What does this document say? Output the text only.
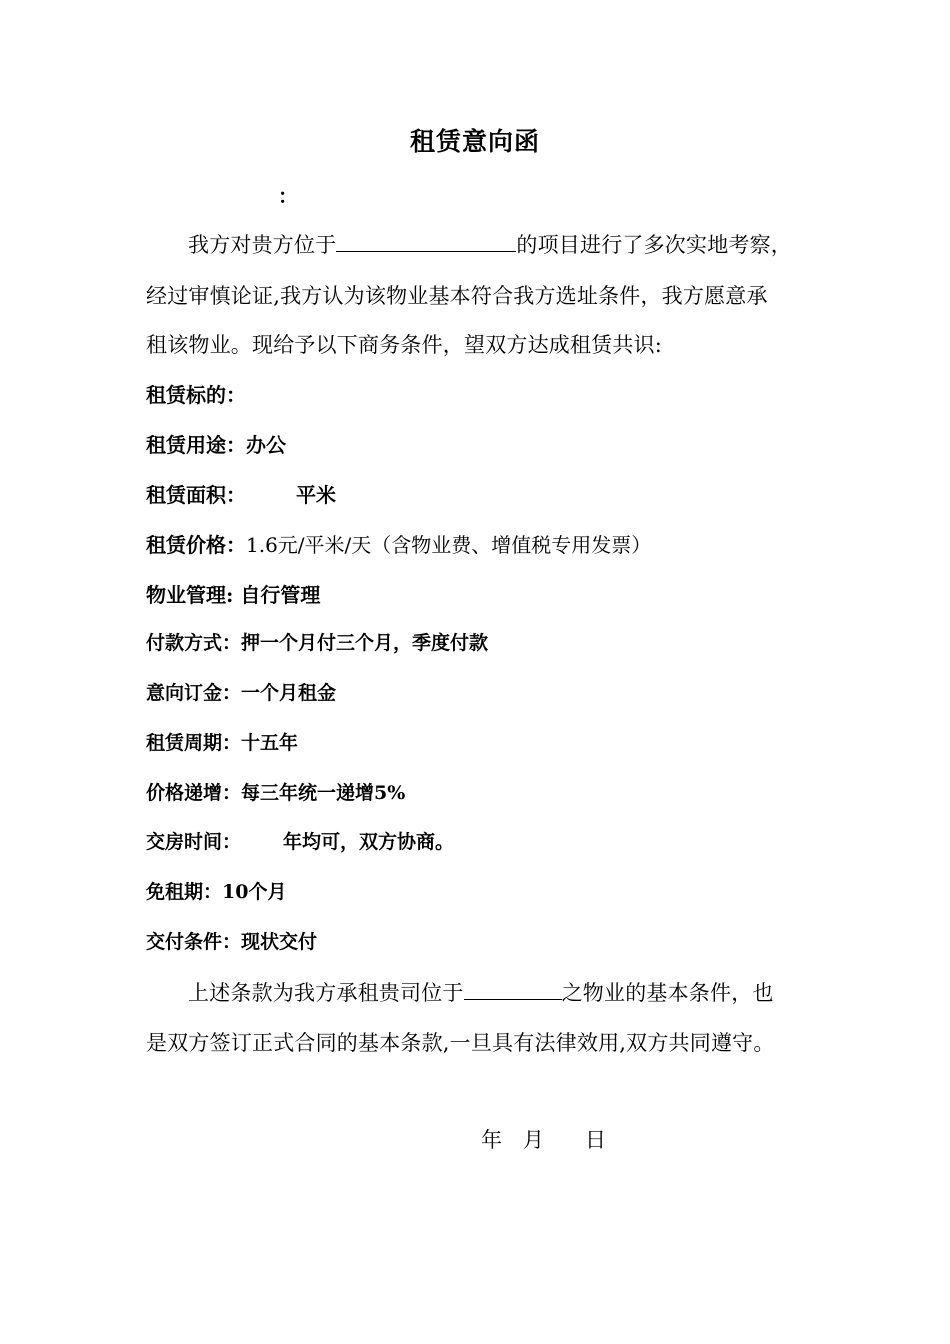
租赁意向函
：
我方对贵方位于	的项目进行了多次实地考察，
经过审慎论证,我方认为该物业基本符合我方选址条件，我方愿意承
租该物业。现给予以下商务条件，望双方达成租赁共识:
租赁标的：
租赁用途：办公
租赁面积：	平米
租赁价格：1.6元/平米/天（含物业费、增值税专用发票）
物业管理: 自行管理
付款方式：押一个月付三个月，季度付款
意向订金：一个月租金
租赁周期：十五年
价格递增：每三年统一递增5%
交房时间： 年均可，双方协商。
免租期：10个月
交付条件：现状交付
上述条款为我方承租贵司位于	之物业的基本条件，也
是双方签订正式合同的基本条款,一旦具有法律效用,双方共同遵守。
年 月 日
